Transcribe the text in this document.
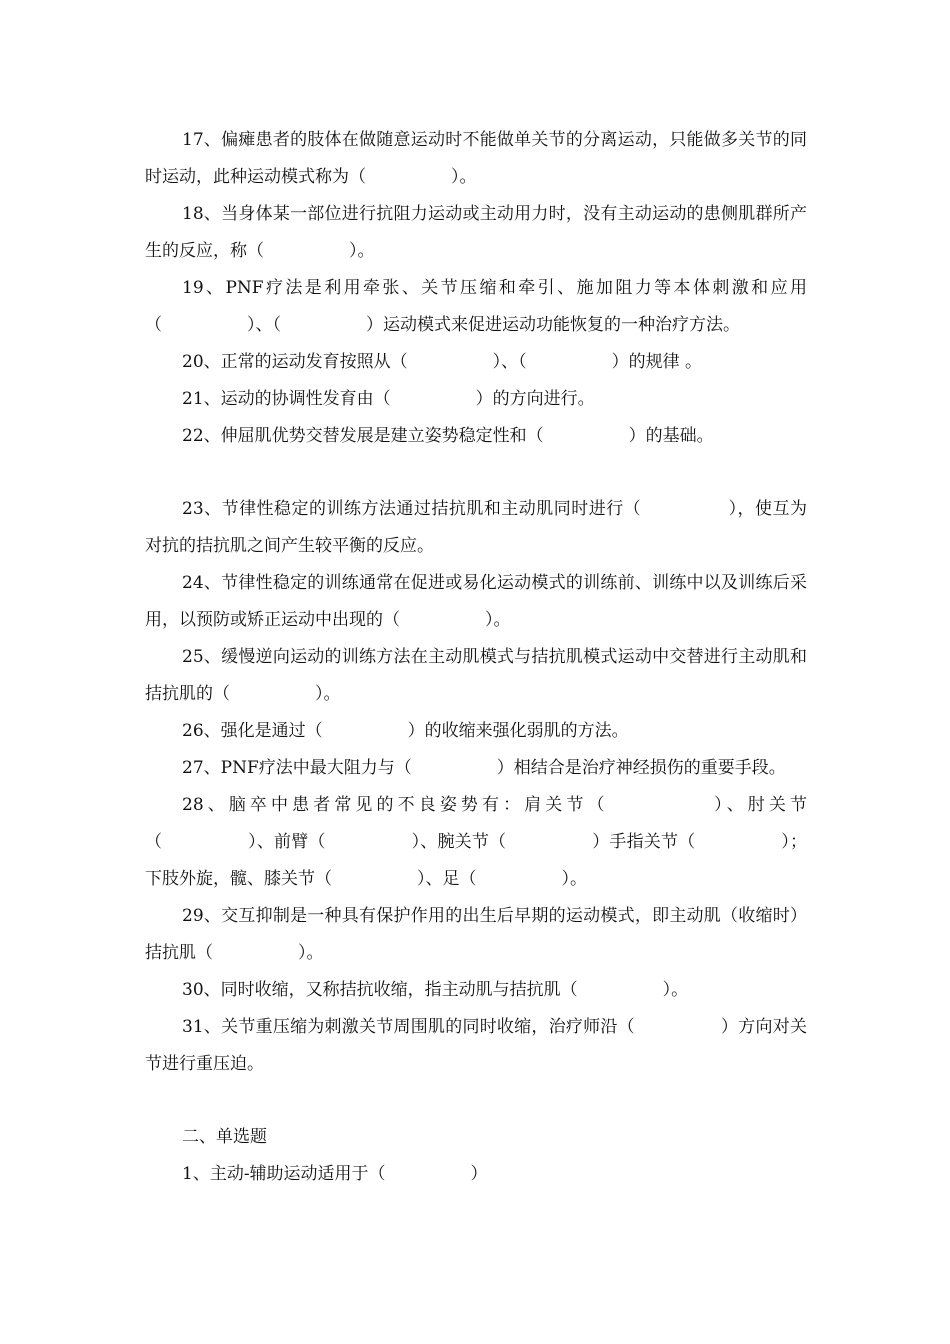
17、偏瘫患者的肢体在做随意运动时不能做单关节的分离运动，只能做多关节的同时运动，此种运动模式称为（　　　　　）。

18、当身体某一部位进行抗阻力运动或主动用力时，没有主动运动的患侧肌群所产生的反应，称（　　　　　）。

19、PNF疗法是利用牵张、关节压缩和牵引、施加阻力等本体刺激和应用（　　　　　）、（　　　　　）运动模式来促进运动功能恢复的一种治疗方法。

20、正常的运动发育按照从（　　　　　）、（　　　　　）的规律 。

21、运动的协调性发育由（　　　　　）的方向进行。

22、伸屈肌优势交替发展是建立姿势稳定性和（　　　　　）的基础。

23、节律性稳定的训练方法通过拮抗肌和主动肌同时进行（　　　　　），使互为对抗的拮抗肌之间产生较平衡的反应。

24、节律性稳定的训练通常在促进或易化运动模式的训练前、训练中以及训练后采用，以预防或矫正运动中出现的（　　　　　）。

25、缓慢逆向运动的训练方法在主动肌模式与拮抗肌模式运动中交替进行主动肌和拮抗肌的（　　　　　）。

26、强化是通过（　　　　　）的收缩来强化弱肌的方法。

27、PNF疗法中最大阻力与（　　　　　）相结合是治疗神经损伤的重要手段。

28、脑卒中患者常见的不良姿势有：肩关节（　　　　　）、肘关节（　　　　　）、前臂（　　　　　）、腕关节（　　　　　）手指关节（　　　　　）；下肢外旋，髋、膝关节（　　　　　）、足（　　　　　）。

29、交互抑制是一种具有保护作用的出生后早期的运动模式，即主动肌（收缩时）拮抗肌（　　　　　）。

30、同时收缩，又称拮抗收缩，指主动肌与拮抗肌（　　　　　）。

31、关节重压缩为刺激关节周围肌的同时收缩，治疗师沿（　　　　　）方向对关节进行重压迫。

二、单选题

1、主动-辅助运动适用于（　　　　　）
